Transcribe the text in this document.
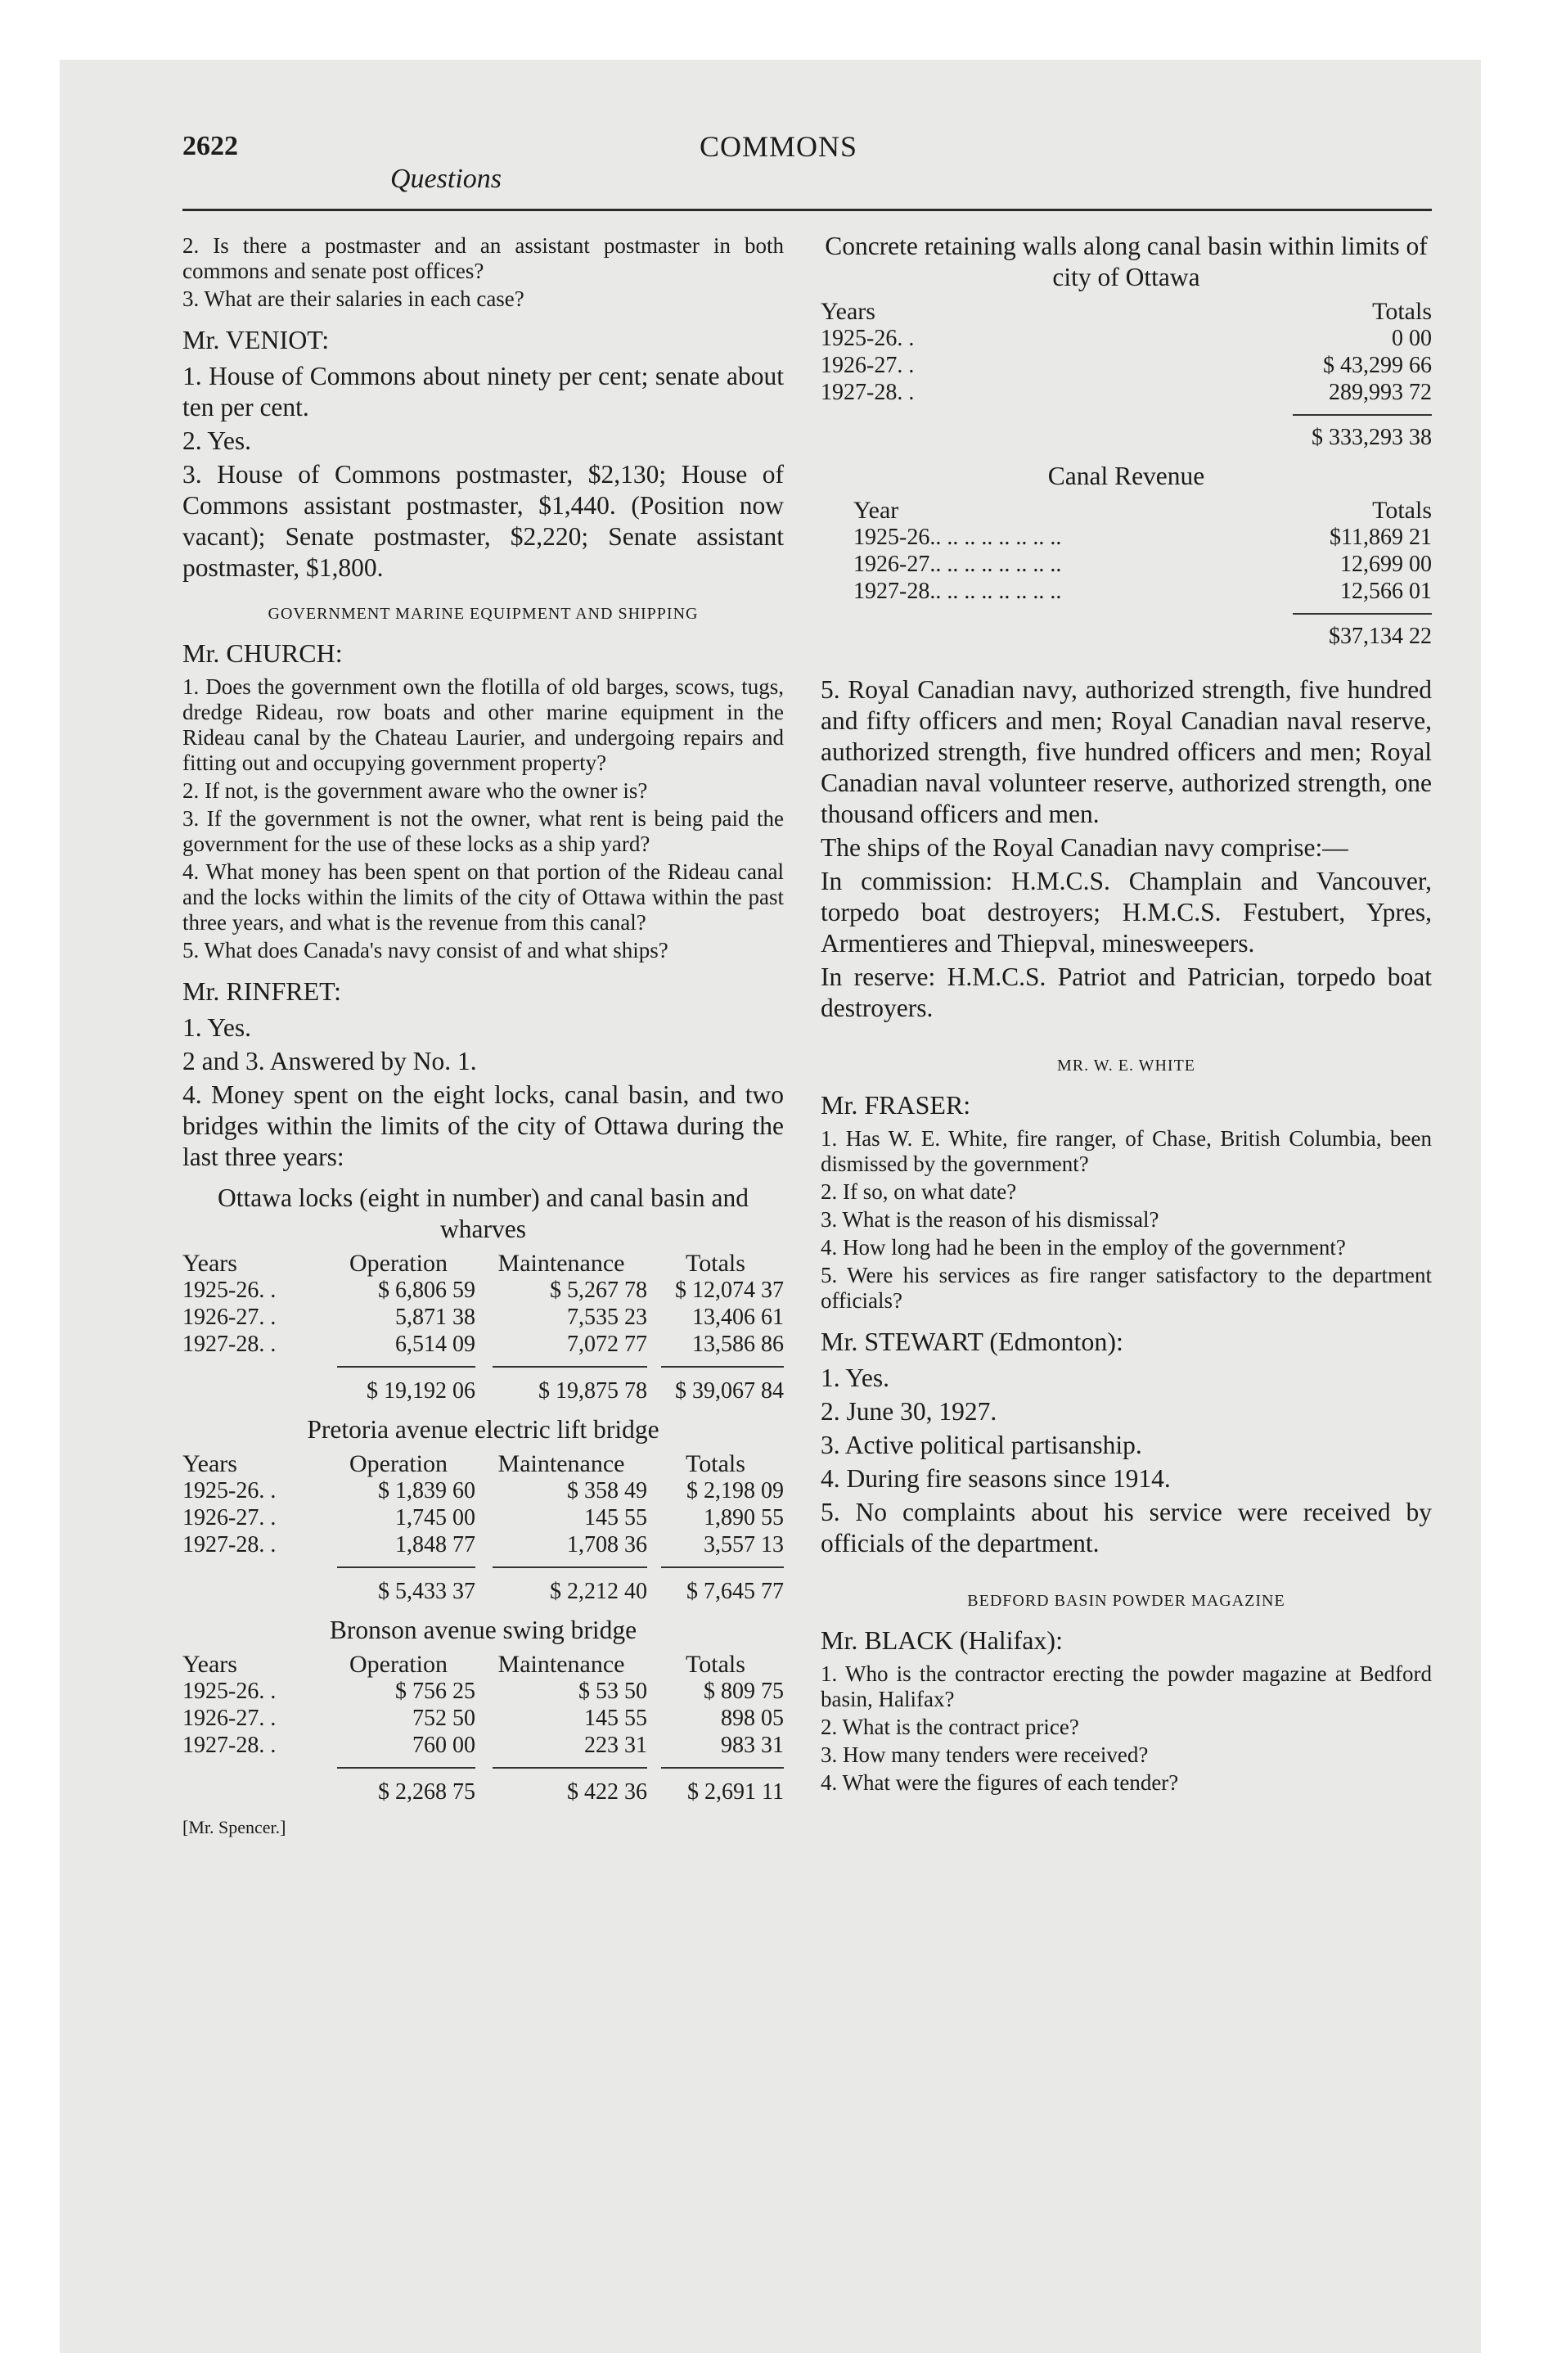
2622	COMMONS
Questions

2. Is there a postmaster and an assistant postmaster in both commons and senate post offices?

3. What are their salaries in each case?

Mr. VENIOT:

1. House of Commons about ninety per cent; senate about ten per cent.

2. Yes.

3. House of Commons postmaster, $2,130; House of Commons assistant postmaster, $1,440. (Position now vacant); Senate postmaster, $2,220; Senate assistant postmaster, $1,800.

GOVERNMENT MARINE EQUIPMENT AND SHIPPING

Mr. CHURCH:

1. Does the government own the flotilla of old barges, scows, tugs, dredge Rideau, row boats and other marine equipment in the Rideau canal by the Chateau Laurier, and undergoing repairs and fitting out and occupying government property?

2. If not, is the government aware who the owner is?

3. If the government is not the owner, what rent is being paid the government for the use of these locks as a ship yard?

4. What money has been spent on that portion of the Rideau canal and the locks within the limits of the city of Ottawa within the past three years, and what is the revenue from this canal?

5. What does Canada's navy consist of and what ships?

Mr. RINFRET:

1. Yes.

2 and 3. Answered by No. 1.

4. Money spent on the eight locks, canal basin, and two bridges within the limits of the city of Ottawa during the last three years:

Ottawa locks (eight in number) and canal basin and wharves

Years	Operation	Maintenance	Totals
1925-26. .	$ 6,806 59	$ 5,267 78	$ 12,074 37
1926-27. .	5,871 38	7,535 23	13,406 61
1927-28. .	6,514 09	7,072 77	13,586 86
	$ 19,192 06	$ 19,875 78	$ 39,067 84

Pretoria avenue electric lift bridge

Years	Operation	Maintenance	Totals
1925-26. .	$ 1,839 60	$ 358 49	$ 2,198 09
1926-27. .	1,745 00	145 55	1,890 55
1927-28. .	1,848 77	1,708 36	3,557 13
	$ 5,433 37	$ 2,212 40	$ 7,645 77

Bronson avenue swing bridge

Years	Operation	Maintenance	Totals
1925-26. .	$ 756 25	$ 53 50	$ 809 75
1926-27. .	752 50	145 55	898 05
1927-28. .	760 00	223 31	983 31
	$ 2,268 75	$ 422 36	$ 2,691 11

[Mr. Spencer.]

Concrete retaining walls along canal basin within limits of city of Ottawa

Years	Totals
1925-26. .	0 00
1926-27. .	$ 43,299 66
1927-28. .	289,993 72
	$ 333,293 38

Canal Revenue

Year	Totals
1925-26.. .. .. .. .. .. .. ..	$11,869 21
1926-27.. .. .. .. .. .. .. ..	12,699 00
1927-28.. .. .. .. .. .. .. ..	12,566 01
	$37,134 22

5. Royal Canadian navy, authorized strength, five hundred and fifty officers and men; Royal Canadian naval reserve, authorized strength, five hundred officers and men; Royal Canadian naval volunteer reserve, authorized strength, one thousand officers and men.

The ships of the Royal Canadian navy comprise:—

In commission: H.M.C.S. Champlain and Vancouver, torpedo boat destroyers; H.M.C.S. Festubert, Ypres, Armentieres and Thiepval, minesweepers.

In reserve: H.M.C.S. Patriot and Patrician, torpedo boat destroyers.

MR. W. E. WHITE

Mr. FRASER:

1. Has W. E. White, fire ranger, of Chase, British Columbia, been dismissed by the government?

2. If so, on what date?

3. What is the reason of his dismissal?

4. How long had he been in the employ of the government?

5. Were his services as fire ranger satisfactory to the department officials?

Mr. STEWART (Edmonton):

1. Yes.

2. June 30, 1927.

3. Active political partisanship.

4. During fire seasons since 1914.

5. No complaints about his service were received by officials of the department.

BEDFORD BASIN POWDER MAGAZINE

Mr. BLACK (Halifax):

1. Who is the contractor erecting the powder magazine at Bedford basin, Halifax?

2. What is the contract price?

3. How many tenders were received?

4. What were the figures of each tender?
